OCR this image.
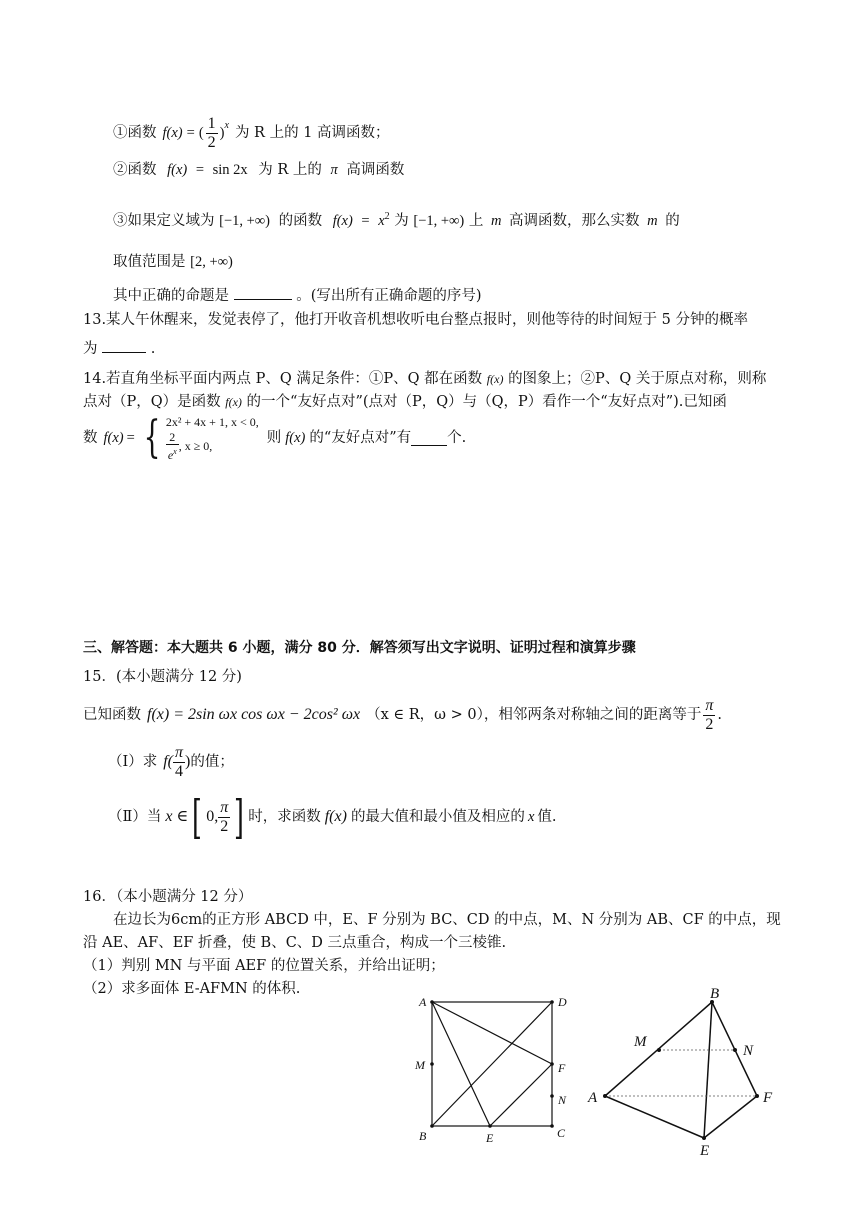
①函数 f(x) = ( $\frac{1}{2}$ ) x 为 R 上的 1 高调函数；
②函数 f(x) = sin 2x 为 R 上的 π 高调函数
③如果定义域为 [−1, +∞) 的函数 $f(x) = x^2$ 为 [−1, +∞) 上 m 高调函数，那么实数 m 的
取值范围是 [2, +∞)
其中正确的命题是	。(写出所有正确命题的序号)
13.某人午休醒来，发觉表停了，他打开收音机想收听电台整点报时，则他等待的时间短于 5 分钟的概率
为	.
14.若直角坐标平面内两点 P、Q 满足条件：①P、Q 都在函数 f(x) 的图象上；②P、Q 关于原点对称，则称
点对（P，Q）是函数 f(x) 的一个“友好点对”(点对（P，Q）与（Q，P）看作一个“友好点对”).已知函
数 f(x) = { 2x² + 4x + 1, x < 0,
$\frac{2}{e^x}$ , x ≥ 0,	则 f(x) 的“友好点对”有 个.
三、解答题：本大题共 6 小题，满分 80 分．解答须写出文字说明、证明过程和演算步骤
15．(本小题满分 12 分)
已知函数 f(x) = 2sin ωx cos ωx − 2cos² ωx （x ∈ R，ω > 0），相邻两条对称轴之间的距离等于 $\frac{\pi}{2}$ .
（Ⅰ）求 $f( \frac{\pi}{4}$ ) 的值；
（Ⅱ）当 x ∈ [ 0, $\frac{\pi}{2}$ ] 时，求函数 f(x) 的最大值和最小值及相应的 x 值.
16．（本小题满分 12 分）
在边长为6cm的正方形 ABCD 中，E、F 分别为 BC、CD 的中点，M、N 分别为 AB、CF 的中点，现
沿 AE、AF、EF 折叠，使 B、C、D 三点重合，构成一个三棱锥.
（1）判别 MN 与平面 AEF 的位置关系，并给出证明；
（2）求多面体 E-AFMN 的体积.
A	D
M	F
N
B	E	C
B
M
N
A	F
E
